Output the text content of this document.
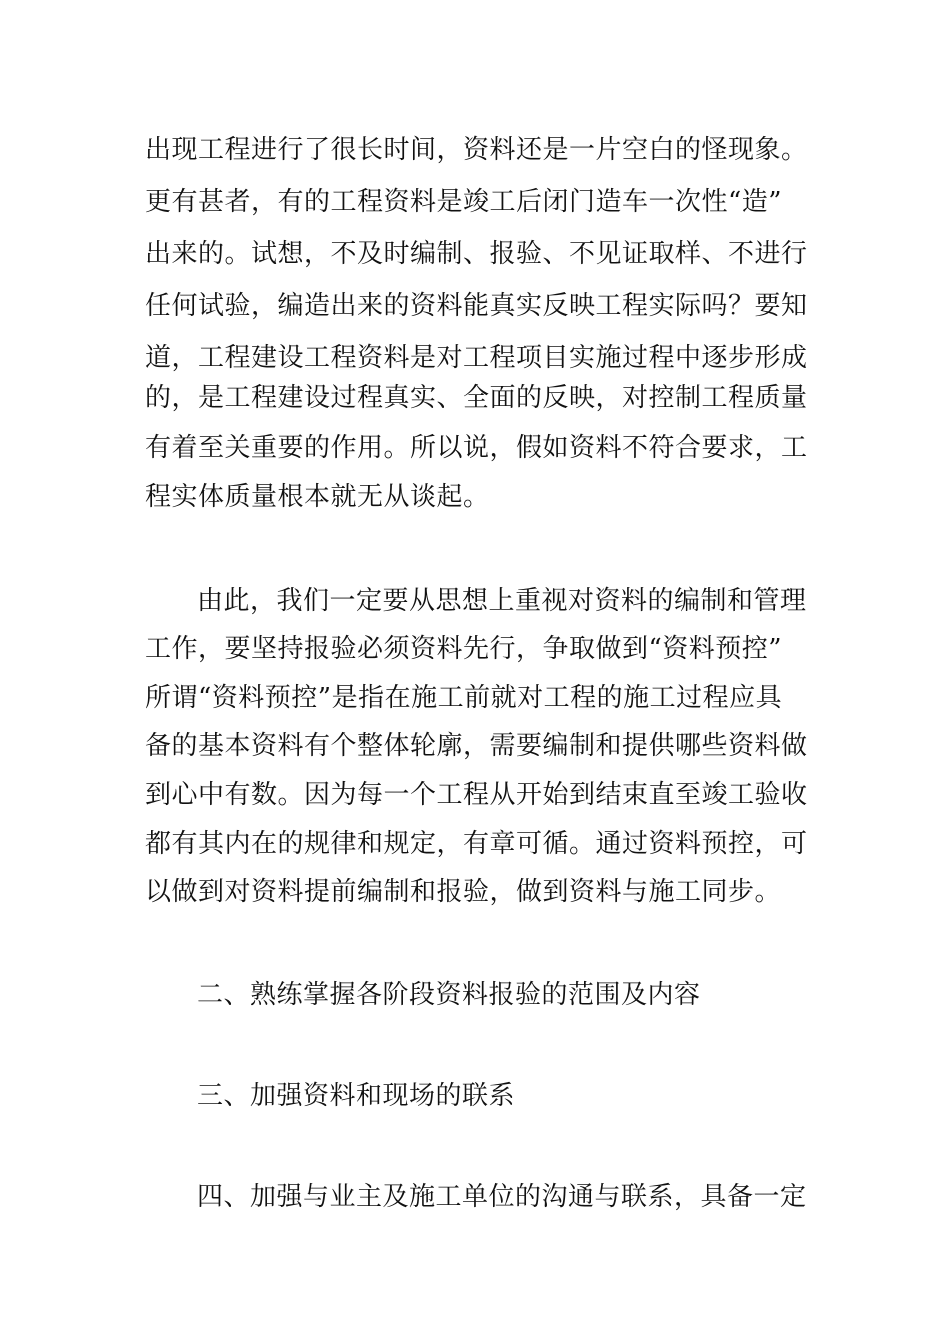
出现工程进行了很长时间，资料还是一片空白的怪现象。
更有甚者，有的工程资料是竣工后闭门造车一次性“造”
出来的。试想，不及时编制、报验、不见证取样、不进行
任何试验，编造出来的资料能真实反映工程实际吗？要知
道，工程建设工程资料是对工程项目实施过程中逐步形成
的，是工程建设过程真实、全面的反映，对控制工程质量
有着至关重要的作用。所以说，假如资料不符合要求，工
程实体质量根本就无从谈起。
由此，我们一定要从思想上重视对资料的编制和管理
工作，要坚持报验必须资料先行，争取做到“资料预控”
所谓“资料预控”是指在施工前就对工程的施工过程应具
备的基本资料有个整体轮廓，需要编制和提供哪些资料做
到心中有数。因为每一个工程从开始到结束直至竣工验收
都有其内在的规律和规定，有章可循。通过资料预控，可
以做到对资料提前编制和报验，做到资料与施工同步。
二、熟练掌握各阶段资料报验的范围及内容
三、加强资料和现场的联系
四、加强与业主及施工单位的沟通与联系，具备一定
